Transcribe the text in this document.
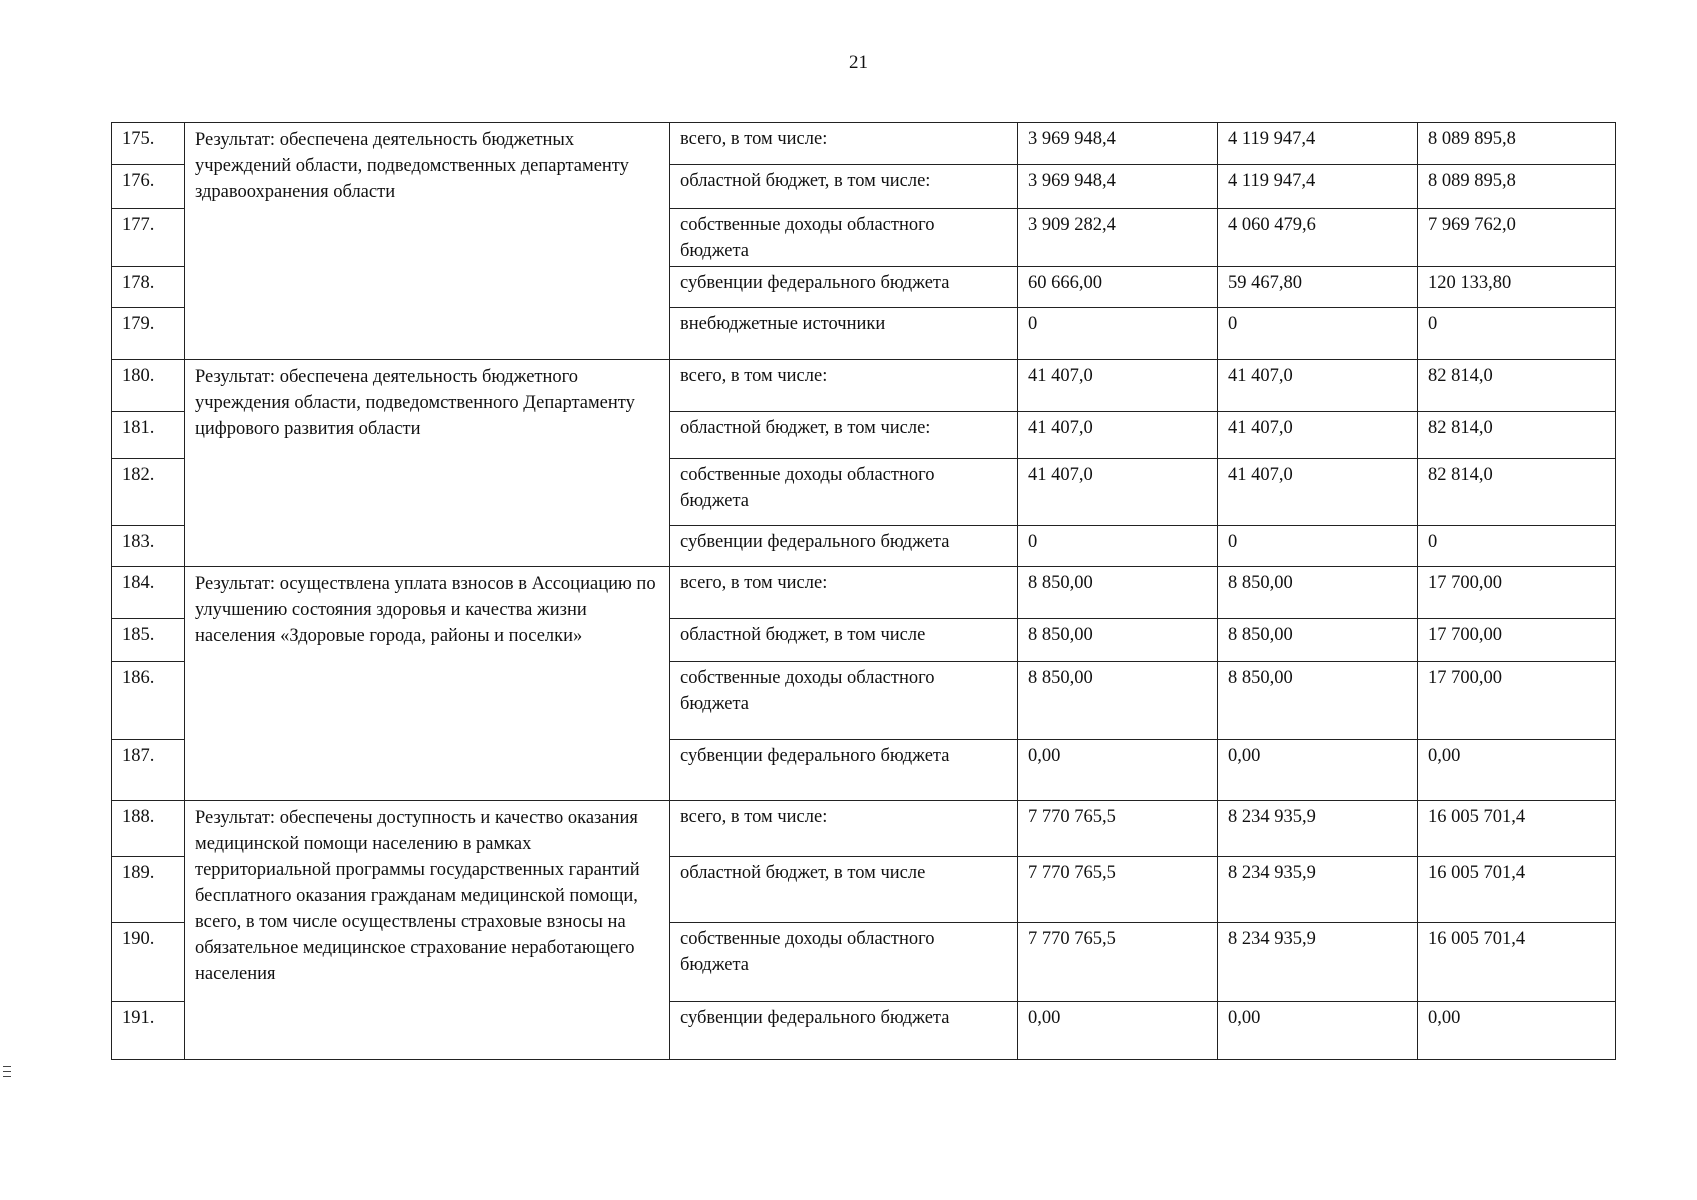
21
175.	Результат: обеспечена деятельность бюджетных учреждений области, подведомственных департаменту здравоохранения области	всего, в том числе:	3 969 948,4	4 119 947,4	8 089 895,8
176.		областной бюджет, в том числе:	3 969 948,4	4 119 947,4	8 089 895,8
177.		собственные доходы областного бюджета	3 909 282,4	4 060 479,6	7 969 762,0
178.		субвенции федерального бюджета	60 666,00	59 467,80	120 133,80
179.		внебюджетные источники	0	0	0
180.	Результат: обеспечена деятельность бюджетного учреждения области, подведомственного Департаменту цифрового развития области	всего, в том числе:	41 407,0	41 407,0	82 814,0
181.		областной бюджет, в том числе:	41 407,0	41 407,0	82 814,0
182.		собственные доходы областного бюджета	41 407,0	41 407,0	82 814,0
183.		субвенции федерального бюджета	0	0	0
184.	Результат: осуществлена уплата взносов в Ассоциацию по улучшению состояния здоровья и качества жизни населения «Здоровые города, районы и поселки»	всего, в том числе:	8 850,00	8 850,00	17 700,00
185.		областной бюджет, в том числе	8 850,00	8 850,00	17 700,00
186.		собственные доходы областного бюджета	8 850,00	8 850,00	17 700,00
187.		субвенции федерального бюджета	0,00	0,00	0,00
188.	Результат: обеспечены доступность и качество оказания медицинской помощи населению в рамках территориальной программы государственных гарантий бесплатного оказания гражданам медицинской помощи, всего, в том числе осуществлены страховые взносы на обязательное медицинское страхование неработающего населения	всего, в том числе:	7 770 765,5	8 234 935,9	16 005 701,4
189.		областной бюджет, в том числе	7 770 765,5	8 234 935,9	16 005 701,4
190.		собственные доходы областного бюджета	7 770 765,5	8 234 935,9	16 005 701,4
191.		субвенции федерального бюджета	0,00	0,00	0,00
